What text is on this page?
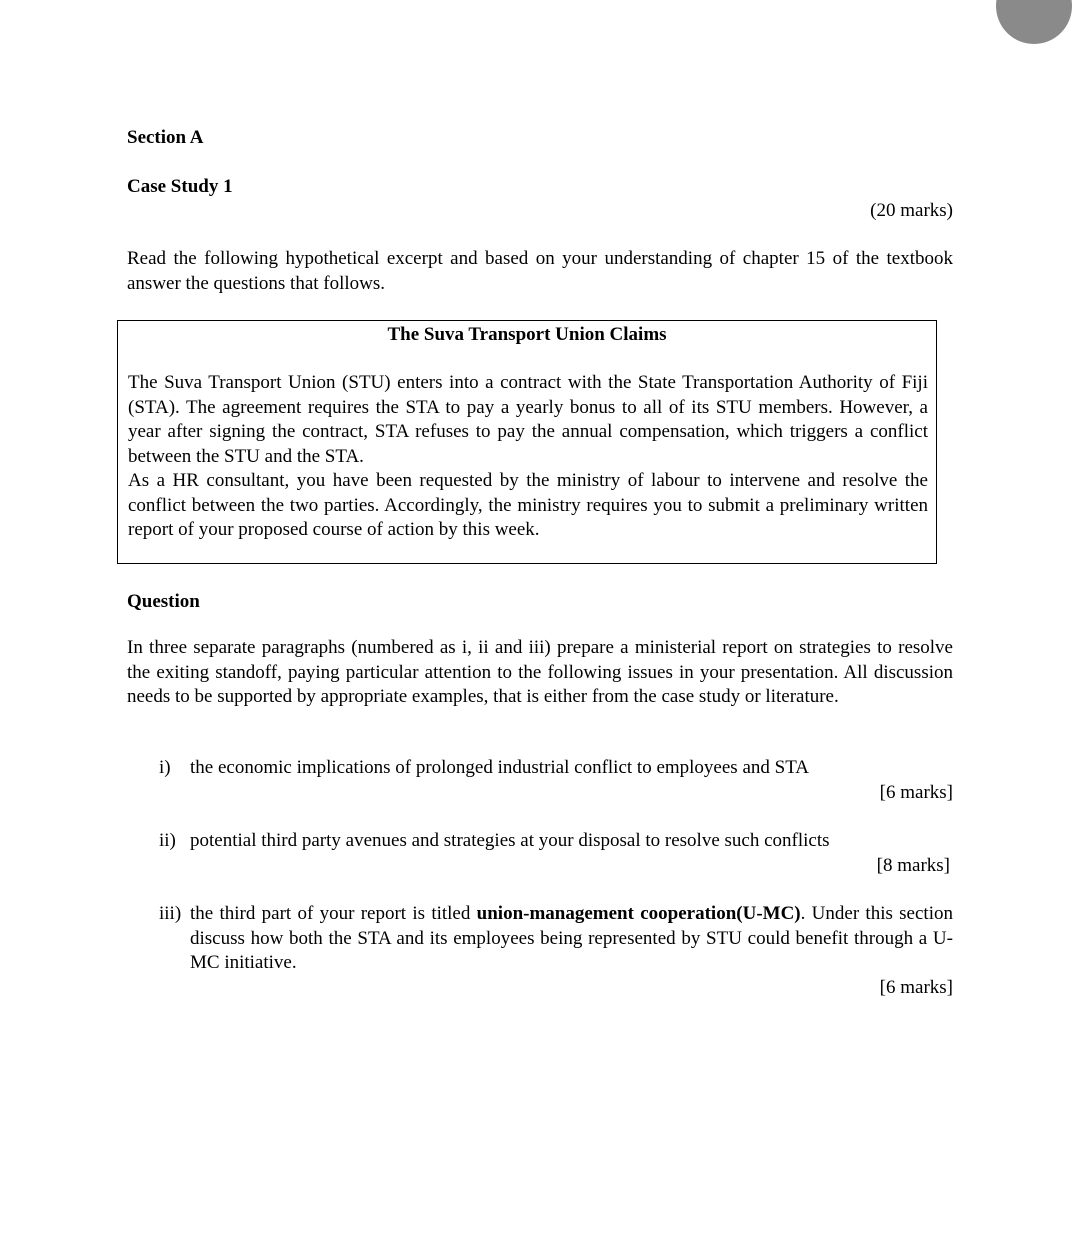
Section A
Case Study 1
(20 marks)

Read the following hypothetical excerpt and based on your understanding of chapter 15 of the textbook answer the questions that follows.

The Suva Transport Union Claims

The Suva Transport Union (STU) enters into a contract with the State Transportation Authority of Fiji (STA). The agreement requires the STA to pay a yearly bonus to all of its STU members. However, a year after signing the contract, STA refuses to pay the annual compensation, which triggers a conflict between the STU and the STA.

As a HR consultant, you have been requested by the ministry of labour to intervene and resolve the conflict between the two parties. Accordingly, the ministry requires you to submit a preliminary written report of your proposed course of action by this week.

Question

In three separate paragraphs (numbered as i, ii and iii) prepare a ministerial report on strategies to resolve the exiting standoff, paying particular attention to the following issues in your presentation. All discussion needs to be supported by appropriate examples, that is either from the case study or literature.

i) the economic implications of prolonged industrial conflict to employees and STA

[6 marks]
ii) potential third party avenues and strategies at your disposal to resolve such conflicts

[8 marks]
iii) the third part of your report is titled union-management cooperation(U-MC). Under this section discuss how both the STA and its employees being represented by STU could benefit through a U-MC initiative.

[6 marks]
